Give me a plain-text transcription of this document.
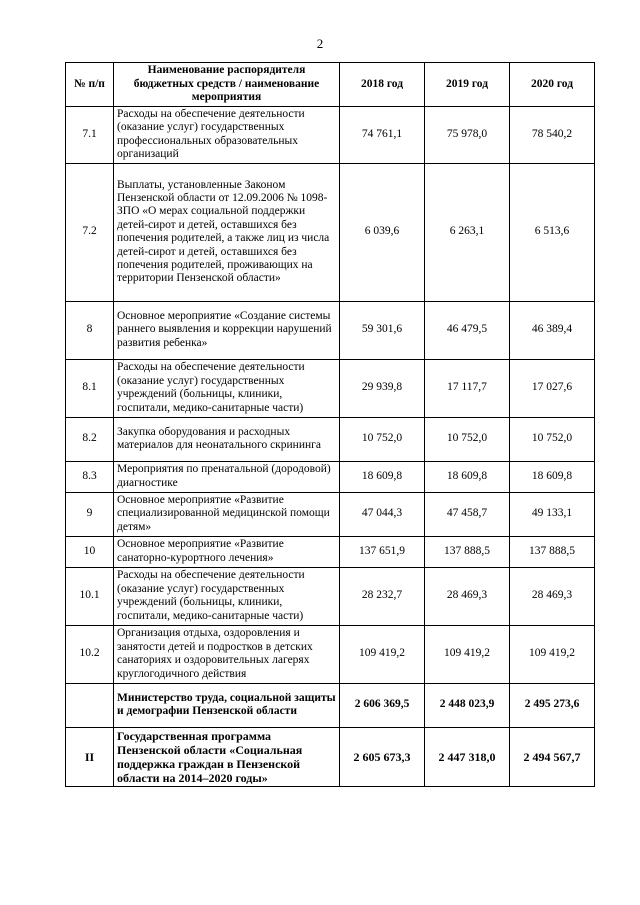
2
№ п/п	Наименование распорядителя бюджетных средств / наименование мероприятия	2018 год	2019 год	2020 год
7.1	Расходы на обеспечение деятельности (оказание услуг) государственных профессиональных образовательных организаций	74 761,1	75 978,0	78 540,2
7.2	Выплаты, установленные Законом Пензенской области от 12.09.2006 № 1098-ЗПО «О мерах социальной поддержки детей-сирот и детей, оставшихся без попечения родителей, а также лиц из числа детей-сирот и детей, оставшихся без попечения родителей, проживающих на территории Пензенской области»	6 039,6	6 263,1	6 513,6
8	Основное мероприятие «Создание системы раннего выявления и коррекции нарушений развития ребенка»	59 301,6	46 479,5	46 389,4
8.1	Расходы на обеспечение деятельности (оказание услуг) государственных учреждений (больницы, клиники, госпитали, медико-санитарные части)	29 939,8	17 117,7	17 027,6
8.2	Закупка оборудования и расходных материалов для неонатального скрининга	10 752,0	10 752,0	10 752,0
8.3	Мероприятия по пренатальной (дородовой) диагностике	18 609,8	18 609,8	18 609,8
9	Основное мероприятие «Развитие специализированной медицинской помощи детям»	47 044,3	47 458,7	49 133,1
10	Основное мероприятие «Развитие санаторно-курортного лечения»	137 651,9	137 888,5	137 888,5
10.1	Расходы на обеспечение деятельности (оказание услуг) государственных учреждений (больницы, клиники, госпитали, медико-санитарные части)	28 232,7	28 469,3	28 469,3
10.2	Организация отдыха, оздоровления и занятости детей и подростков в детских санаториях и оздоровительных лагерях круглогодичного действия	109 419,2	109 419,2	109 419,2
	Министерство труда, социальной защиты и демографии Пензенской области	2 606 369,5	2 448 023,9	2 495 273,6
II	Государственная программа Пензенской области «Социальная поддержка граждан в Пензенской области на 2014–2020 годы»	2 605 673,3	2 447 318,0	2 494 567,7
